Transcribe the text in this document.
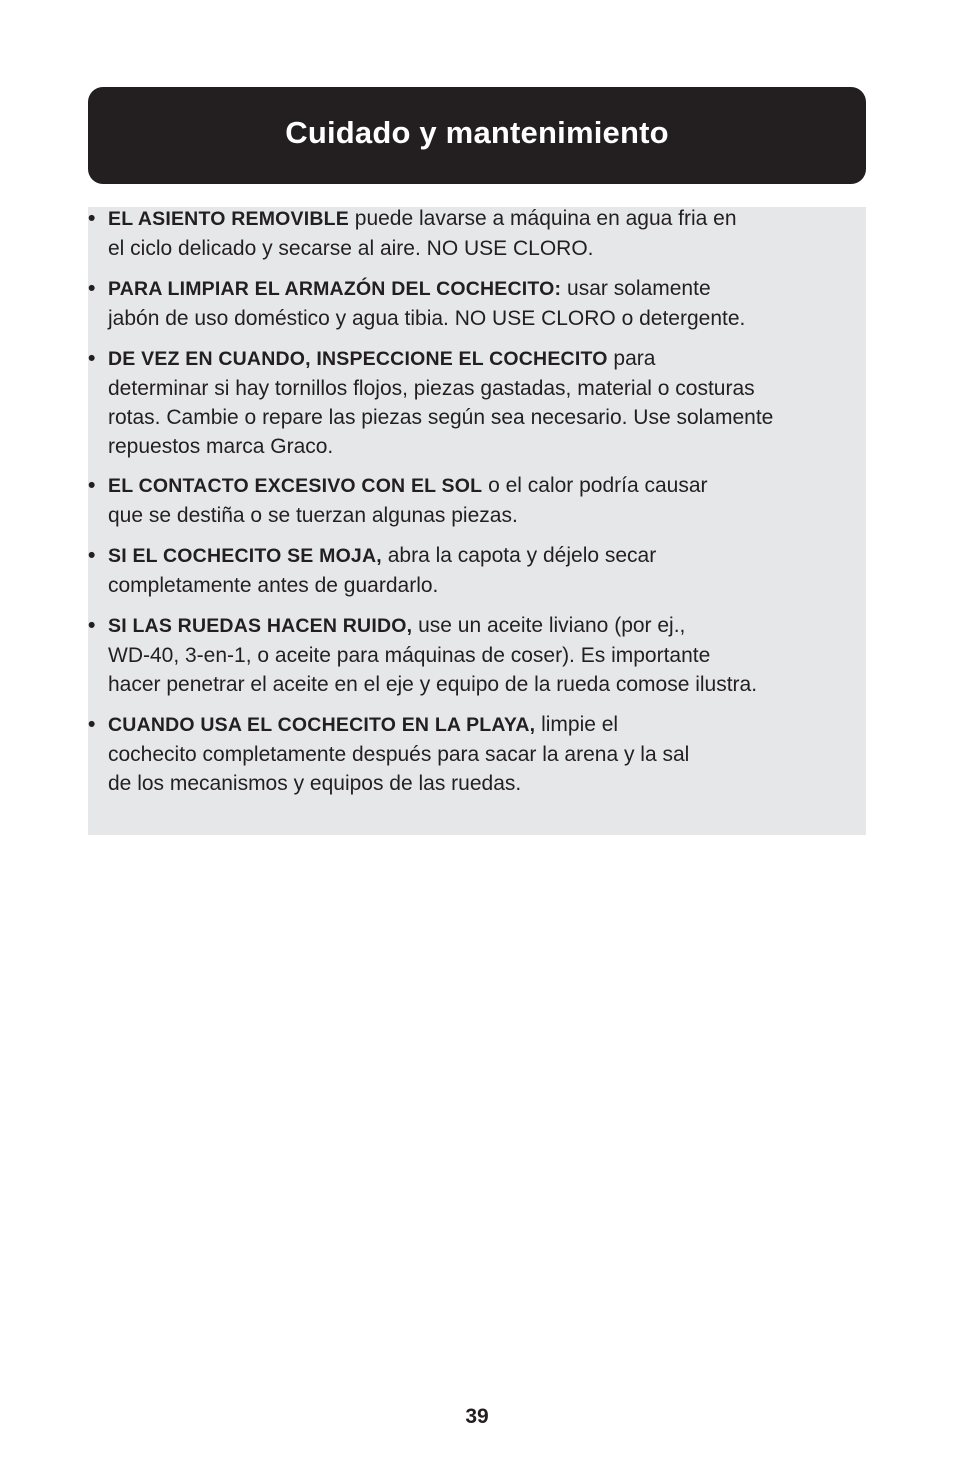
Cuidado y mantenimiento
• EL ASIENTO REMOVIBLE puede lavarse a máquina en agua fria en
el ciclo delicado y secarse al aire. NO USE CLORO.
• PARA LIMPIAR EL ARMAZÓN DEL COCHECITO: usar solamente
jabón de uso doméstico y agua tibia. NO USE CLORO o detergente.
• DE VEZ EN CUANDO, INSPECCIONE EL COCHECITO para
determinar si hay tornillos flojos, piezas gastadas, material o costuras
rotas. Cambie o repare las piezas según sea necesario. Use solamente
repuestos marca Graco.
• EL CONTACTO EXCESIVO CON EL SOL o el calor podría causar
que se destiña o se tuerzan algunas piezas.
• SI EL COCHECITO SE MOJA, abra la capota y déjelo secar
completamente antes de guardarlo.
• SI LAS RUEDAS HACEN RUIDO, use un aceite liviano (por ej.,
WD-40, 3-en-1, o aceite para máquinas de coser). Es importante
hacer penetrar el aceite en el eje y equipo de la rueda comose ilustra.
• CUANDO USA EL COCHECITO EN LA PLAYA, limpie el
cochecito completamente después para sacar la arena y la sal
de los mecanismos y equipos de las ruedas.
39
